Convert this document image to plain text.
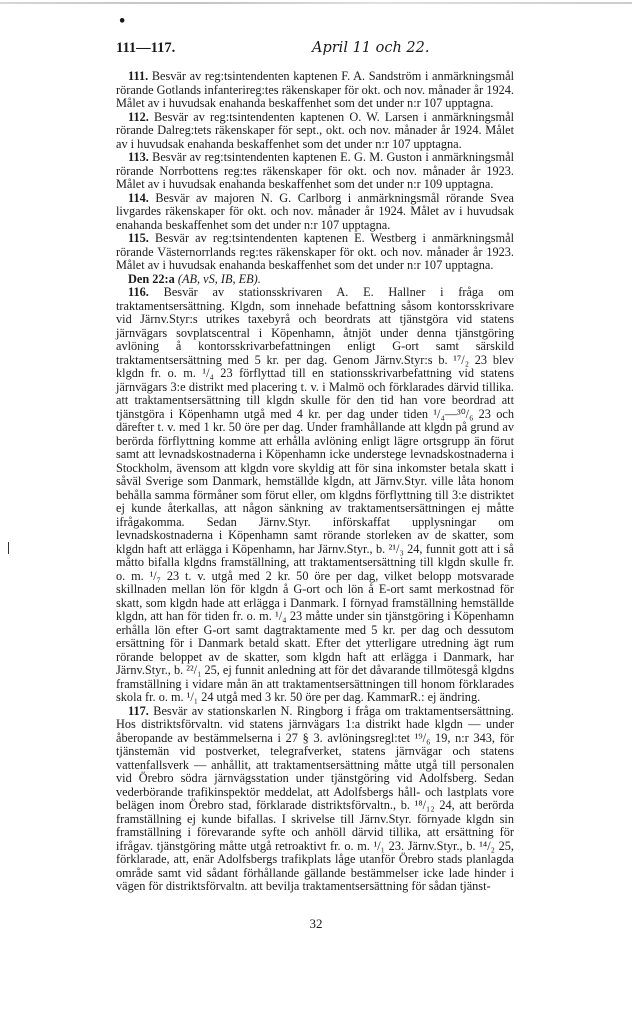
•
111—117.	April 11 och 22.

111. Besvär av reg:tsintendenten kaptenen F. A. Sandström i anmärkningsmål rörande Gotlands infanterireg:tes räkenskaper för okt. och nov. månader år 1924. Målet av i huvudsak enahanda beskaffenhet som det under n:r 107 upptagna.

112. Besvär av reg:tsintendenten kaptenen O. W. Larsen i anmärkningsmål rörande Dalreg:tets räkenskaper för sept., okt. och nov. månader år 1924. Målet av i huvudsak enahanda beskaffenhet som det under n:r 107 upptagna.

113. Besvär av reg:tsintendenten kaptenen E. G. M. Guston i anmärkningsmål rörande Norrbottens reg:tes räkenskaper för okt. och nov. månader år 1923. Målet av i huvudsak enahanda beskaffenhet som det under n:r 109 upptagna.

114. Besvär av majoren N. G. Carlborg i anmärkningsmål rörande Svea livgardes räkenskaper för okt. och nov. månader år 1924. Målet av i huvudsak enahanda beskaffenhet som det under n:r 107 upptagna.

115. Besvär av reg:tsintendenten kaptenen E. Westberg i anmärkningsmål rörande Västernorrlands reg:tes räkenskaper för okt. och nov. månader år 1923. Målet av i huvudsak enahanda beskaffenhet som det under n:r 107 upptagna.

Den 22:a (AB, vS, IB, EB).

116. Besvär av stationsskrivaren A. E. Hallner i fråga om traktamentsersättning. Klgdn, som innehade befattning såsom kontorsskrivare vid Järnv.Styr:s utrikes taxebyrå och beordrats att tjänstgöra vid statens järnvägars sovplatscentral i Köpenhamn, åtnjöt under denna tjänstgöring avlöning å kontorsskrivarbefattningen enligt G-ort samt särskild traktamentsersättning med 5 kr. per dag. Genom Järnv.Styr:s b. ¹⁷/₂ 23 blev klgdn fr. o. m. ¹/₄ 23 förflyttad till en stationsskrivarbefattning vid statens järnvägars 3:e distrikt med placering t. v. i Malmö och förklarades därvid tillika. att traktamentsersättning till klgdn skulle för den tid han vore beordrad att tjänstgöra i Köpenhamn utgå med 4 kr. per dag under tiden ¹/₄—³⁰/₆ 23 och därefter t. v. med 1 kr. 50 öre per dag. Under framhållande att klgdn på grund av berörda förflyttning komme att erhålla avlöning enligt lägre ortsgrupp än förut samt att levnadskostnaderna i Köpenhamn icke understege levnadskostnaderna i Stockholm, ävensom att klgdn vore skyldig att för sina inkomster betala skatt i såväl Sverige som Danmark, hemställde klgdn, att Järnv.Styr. ville låta honom behålla samma förmåner som förut eller, om klgdns förflyttning till 3:e distriktet ej kunde återkallas, att någon sänkning av traktamentsersättningen ej måtte ifrågakomma. Sedan Järnv.Styr. införskaffat upplysningar om levnadskostnaderna i Köpenhamn samt rörande storleken av de skatter, som klgdn haft att erlägga i Köpenhamn, har Järnv.Styr., b. ²¹/₃ 24, funnit gott att i så måtto bifalla klgdns framställning, att traktamentsersättning till klgdn skulle fr. o. m. ¹/₇ 23 t. v. utgå med 2 kr. 50 öre per dag, vilket belopp motsvarade skillnaden mellan lön för klgdn å G-ort och lön å E-ort samt merkostnad för skatt, som klgdn hade att erlägga i Danmark. I förnyad framställning hemställde klgdn, att han för tiden fr. o. m. ¹/₄ 23 måtte under sin tjänstgöring i Köpenhamn erhålla lön efter G-ort samt dagtraktamente med 5 kr. per dag och dessutom ersättning för i Danmark betald skatt. Efter det ytterligare utredning ägt rum rörande beloppet av de skatter, som klgdn haft att erlägga i Danmark, har Järnv.Styr., b. ²²/₁ 25, ej funnit anledning att för det dåvarande tillmötesgå klgdns framställning i vidare mån än att traktamentsersättningen till honom förklarades skola fr. o. m. ¹/₁ 24 utgå med 3 kr. 50 öre per dag. KammarR.: ej ändring.

117. Besvär av stationskarlen N. Ringborg i fråga om traktamentsersättning. Hos distriktsförvaltn. vid statens järnvägars 1:a distrikt hade klgdn — under åberopande av bestämmelserna i 27 § 3. avlöningsregl:tet ¹⁹/₆ 19, n:r 343, för tjänstemän vid postverket, telegrafverket, statens järnvägar och statens vattenfallsverk — anhållit, att traktamentsersättning måtte utgå till personalen vid Örebro södra järnvägsstation under tjänstgöring vid Adolfsberg. Sedan vederbörande trafikinspektör meddelat, att Adolfsbergs håll- och lastplats vore belägen inom Örebro stad, förklarade distriktsförvaltn., b. ¹⁸/₁₂ 24, att berörda framställning ej kunde bifallas. I skrivelse till Järnv.Styr. förnyade klgdn sin framställning i förevarande syfte och anhöll därvid tillika, att ersättning för ifrågav. tjänstgöring måtte utgå retroaktivt fr. o. m. ¹/₁ 23. Järnv.Styr., b. ¹⁴/₂ 25, förklarade, att, enär Adolfsbergs trafikplats låge utanför Örebro stads planlagda område samt vid sådant förhållande gällande bestämmelser icke lade hinder i vägen för distriktsförvaltn. att bevilja traktamentsersättning för sådan tjänst-

32
